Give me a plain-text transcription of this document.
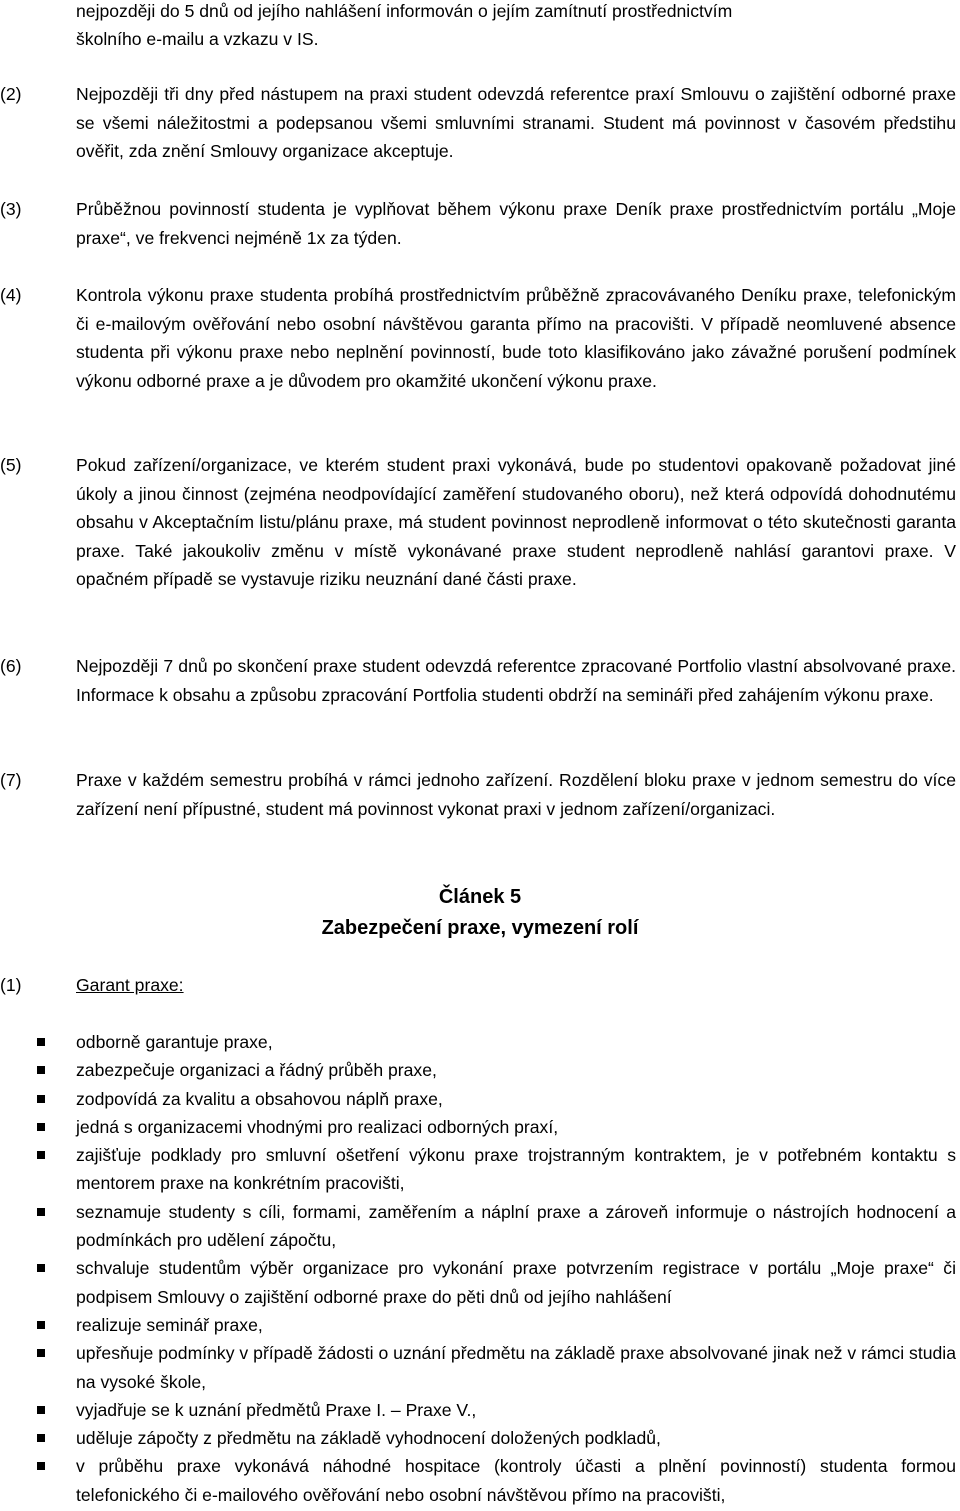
nejpozději do 5 dnů od jejího nahlášení informován o jejím zamítnutí prostřednictvím
školního e-mailu a vzkazu v IS.
(2)	Nejpozději tři dny před nástupem na praxi student odevzdá referentce praxí Smlouvu o zajištění odborné praxe se všemi náležitostmi a podepsanou všemi smluvními stranami. Student má povinnost v časovém předstihu ověřit, zda znění Smlouvy organizace akceptuje.
(3)	Průběžnou povinností studenta je vyplňovat během výkonu praxe Deník praxe prostřednictvím portálu „Moje praxe“, ve frekvenci nejméně 1x za týden.
(4)	Kontrola výkonu praxe studenta probíhá prostřednictvím průběžně zpracovávaného Deníku praxe, telefonickým či e-mailovým ověřování nebo osobní návštěvou garanta přímo na pracovišti. V případě neomluvené absence studenta při výkonu praxe nebo neplnění povinností, bude toto klasifikováno jako závažné porušení podmínek výkonu odborné praxe a je důvodem pro okamžité ukončení výkonu praxe.
(5)	Pokud zařízení/organizace, ve kterém student praxi vykonává, bude po studentovi opakovaně požadovat jiné úkoly a jinou činnost (zejména neodpovídající zaměření studovaného oboru), než která odpovídá dohodnutému obsahu v Akceptačním listu/plánu praxe, má student povinnost neprodleně informovat o této skutečnosti garanta praxe. Také jakoukoliv změnu v místě vykonávané praxe student neprodleně nahlásí garantovi praxe. V opačném případě se vystavuje riziku neuznání dané části praxe.
(6)	Nejpozději 7 dnů po skončení praxe student odevzdá referentce zpracované Portfolio vlastní absolvované praxe. Informace k obsahu a způsobu zpracování Portfolia studenti obdrží na semináři před zahájením výkonu praxe.
(7)	Praxe v každém semestru probíhá v rámci jednoho zařízení. Rozdělení bloku praxe v jednom semestru do více zařízení není přípustné, student má povinnost vykonat praxi v jednom zařízení/organizaci.
Článek 5
Zabezpečení praxe, vymezení rolí
(1)	Garant praxe:
odborně garantuje praxe,
zabezpečuje organizaci a řádný průběh praxe,
zodpovídá za kvalitu a obsahovou náplň praxe,
jedná s organizacemi vhodnými pro realizaci odborných praxí,
zajišťuje podklady pro smluvní ošetření výkonu praxe trojstranným kontraktem, je v potřebném kontaktu s mentorem praxe na konkrétním pracovišti,
seznamuje studenty s cíli, formami, zaměřením a náplní praxe a zároveň informuje o nástrojích hodnocení a podmínkách pro udělení zápočtu,
schvaluje studentům výběr organizace pro vykonání praxe potvrzením registrace v portálu „Moje praxe“ či podpisem Smlouvy o zajištění odborné praxe do pěti dnů od jejího nahlášení
realizuje seminář praxe,
upřesňuje podmínky v případě žádosti o uznání předmětu na základě praxe absolvované jinak než v rámci studia na vysoké škole,
vyjadřuje se k uznání předmětů Praxe I. – Praxe V.,
uděluje zápočty z předmětu na základě vyhodnocení doložených podkladů,
v průběhu praxe vykonává náhodné hospitace (kontroly účasti a plnění povinností) studenta formou telefonického či e-mailového ověřování nebo osobní návštěvou přímo na pracovišti,
